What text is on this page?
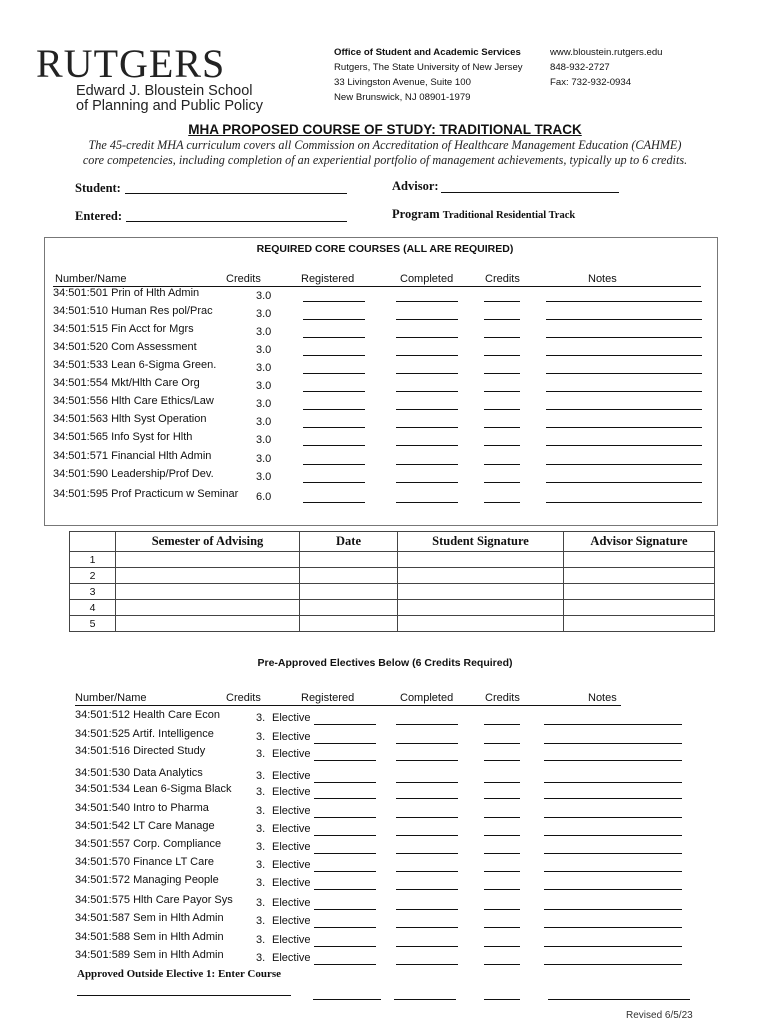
RUTGERS
Edward J. Bloustein School
of Planning and Public Policy
Office of Student and Academic Services
Rutgers, The State University of New Jersey
33 Livingston Avenue, Suite 100
New Brunswick, NJ 08901-1979
www.bloustein.rutgers.edu
848-932-2727
Fax: 732-932-0934
MHA PROPOSED COURSE OF STUDY: TRADITIONAL TRACK
The 45-credit MHA curriculum covers all Commission on Accreditation of Healthcare Management Education (CAHME)
core competencies, including completion of an experiential portfolio of management achievements, typically up to 6 credits.
Student:	Advisor:
Entered:	Program Traditional Residential Track
REQUIRED CORE COURSES (ALL ARE REQUIRED)
Number/Name	Credits	Registered	Completed	Credits	Notes
34:501:501 Prin of Hlth Admin	3.0
34:501:510 Human Res pol/Prac	3.0
34:501:515 Fin Acct for Mgrs	3.0
34:501:520 Com Assessment	3.0
34:501:533 Lean 6-Sigma Green.	3.0
34:501:554 Mkt/Hlth Care Org	3.0
34:501:556 Hlth Care Ethics/Law	3.0
34:501:563 Hlth Syst Operation	3.0
34:501:565 Info Syst for Hlth	3.0
34:501:571 Financial Hlth Admin	3.0
34:501:590 Leadership/Prof Dev.	3.0
34:501:595 Prof Practicum w Seminar 6.0
	Semester of Advising	Date	Student Signature	Advisor Signature
1				
2				
3				
4				
5				
Pre-Approved Electives Below (6 Credits Required)
Number/Name	Credits	Registered	Completed	Credits	Notes
34:501:512 Health Care Econ	3. Elective
34:501:525 Artif. Intelligence	3. Elective
34:501:516 Directed Study	3. Elective
34:501:530 Data Analytics	3. Elective
34:501:534 Lean 6-Sigma Black 3. Elective
34:501:540 Intro to Pharma	3. Elective
34:501:542 LT Care Manage	3. Elective
34:501:557 Corp. Compliance	3. Elective
34:501:570 Finance LT Care	3. Elective
34:501:572 Managing People	3. Elective
34:501:575 Hlth Care Payor Sys 3. Elective
34:501:587 Sem in Hlth Admin	3. Elective
34:501:588 Sem in Hlth Admin	3. Elective
34:501:589 Sem in Hlth Admin	3. Elective
Approved Outside Elective 1: Enter Course
Revised 6/5/23
